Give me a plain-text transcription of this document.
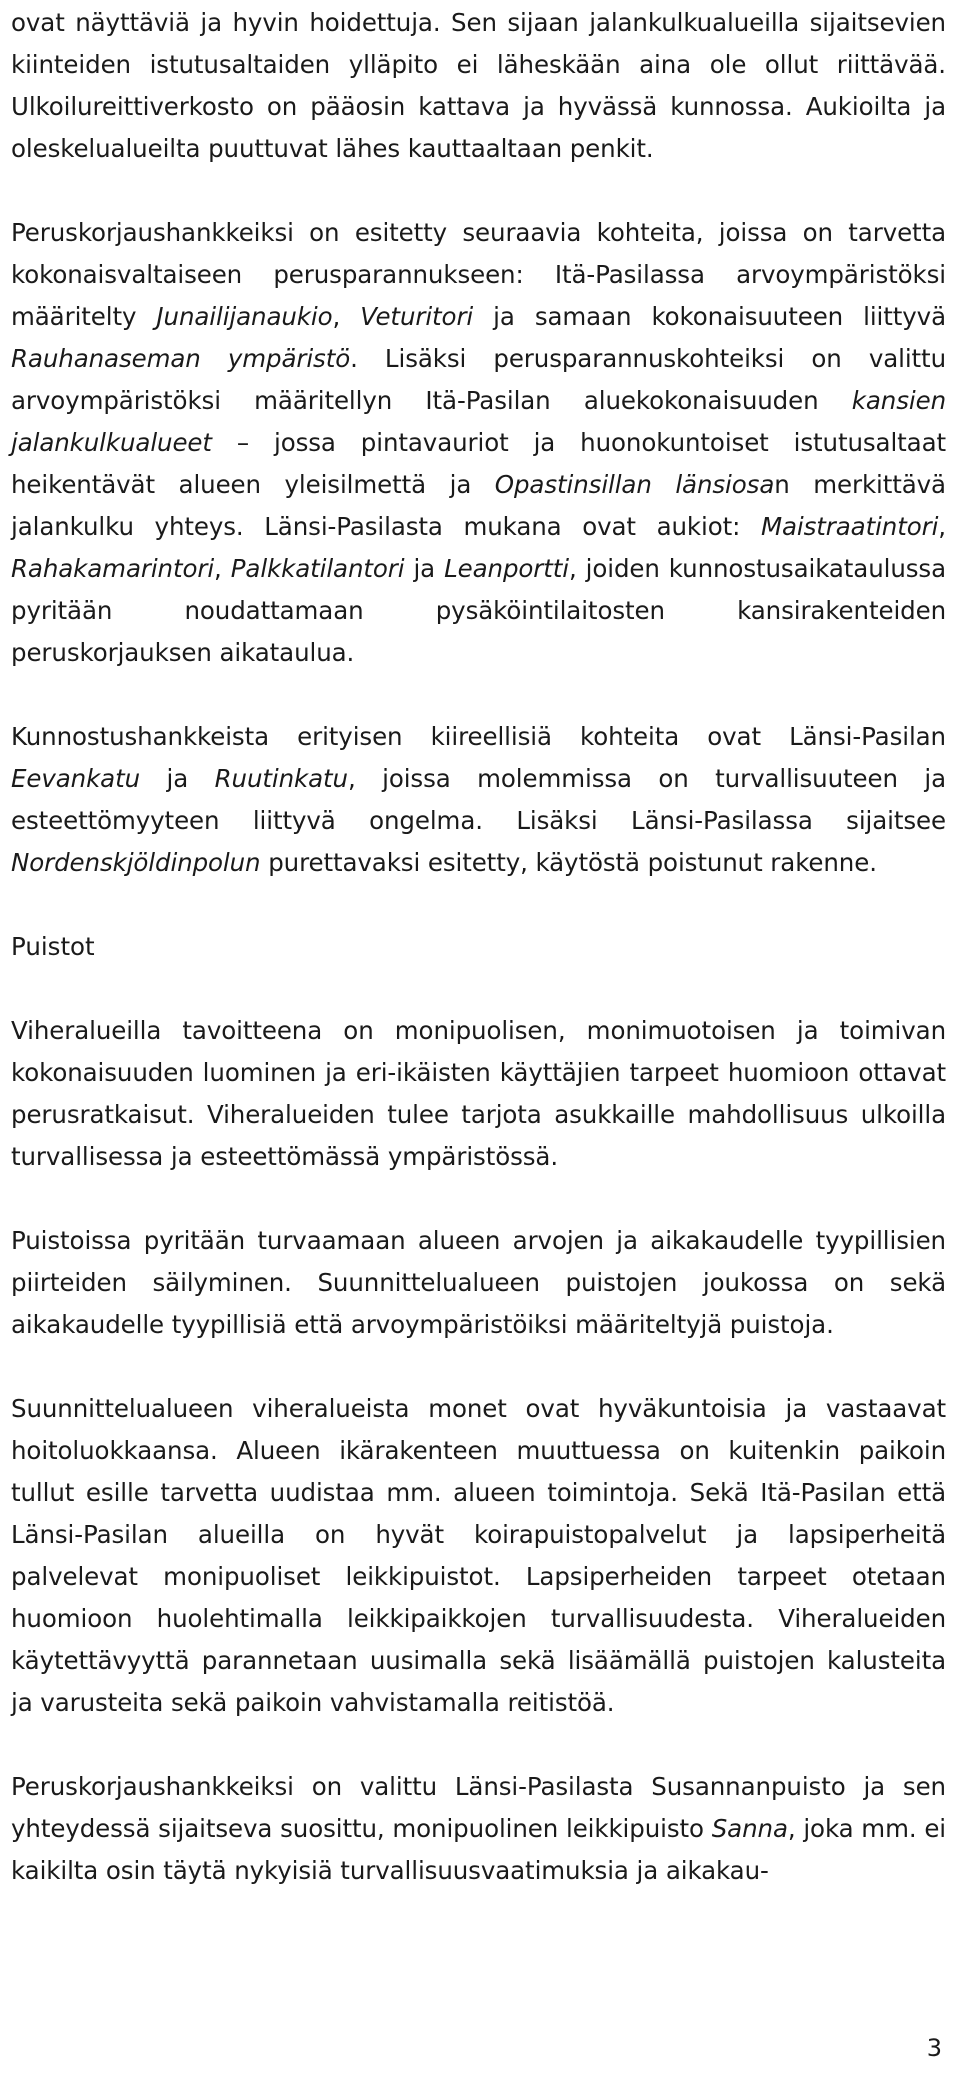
ovat näyttäviä ja hyvin hoidettuja. Sen sijaan jalankulkualueilla sijaitsevien kiinteiden istutusaltaiden ylläpito ei läheskään aina ole ollut riittävää. Ulkoilureittiverkosto on pääosin kattava ja hyvässä kunnossa. Aukioilta ja oleskelualueilta puuttuvat lähes kauttaaltaan penkit.

Peruskorjaushankkeiksi on esitetty seuraavia kohteita, joissa on tarvetta kokonaisvaltaiseen perusparannukseen: Itä-Pasilassa arvoympäristöksi määritelty Junailijanaukio, Veturitori ja samaan kokonaisuuteen liittyvä Rauhanaseman ympäristö. Lisäksi perusparannuskohteiksi on valittu arvoympäristöksi määritellyn Itä-Pasilan aluekokonaisuuden kansien jalankulkualueet – jossa pintavauriot ja huonokuntoiset istutusaltaat heikentävät alueen yleisilmettä ja Opastinsillan länsiosan merkittävä jalankulku yhteys. Länsi-Pasilasta mukana ovat aukiot: Maistraatintori, Rahakamarintori, Palkkatilantori ja Leanportti, joiden kunnostusaikataulussa pyritään noudattamaan pysäköintilaitosten kansirakenteiden peruskorjauksen aikataulua.

Kunnostushankkeista erityisen kiireellisiä kohteita ovat Länsi-Pasilan Eevankatu ja Ruutinkatu, joissa molemmissa on turvallisuuteen ja esteettömyyteen liittyvä ongelma. Lisäksi Länsi-Pasilassa sijaitsee Nordenskjöldinpolun purettavaksi esitetty, käytöstä poistunut rakenne.

Puistot

Viheralueilla tavoitteena on monipuolisen, monimuotoisen ja toimivan kokonaisuuden luominen ja eri-ikäisten käyttäjien tarpeet huomioon ottavat perusratkaisut. Viheralueiden tulee tarjota asukkaille mahdollisuus ulkoilla turvallisessa ja esteettömässä ympäristössä.

Puistoissa pyritään turvaamaan alueen arvojen ja aikakaudelle tyypillisien piirteiden säilyminen. Suunnittelualueen puistojen joukossa on sekä aikakaudelle tyypillisiä että arvoympäristöiksi määriteltyjä puistoja.

Suunnittelualueen viheralueista monet ovat hyväkuntoisia ja vastaavat hoitoluokkaansa. Alueen ikärakenteen muuttuessa on kuitenkin paikoin tullut esille tarvetta uudistaa mm. alueen toimintoja. Sekä Itä-Pasilan että Länsi-Pasilan alueilla on hyvät koirapuistopalvelut ja lapsiperheitä palvelevat monipuoliset leikkipuistot. Lapsiperheiden tarpeet otetaan huomioon huolehtimalla leikkipaikkojen turvallisuudesta. Viheralueiden käytettävyyttä parannetaan uusimalla sekä lisäämällä puistojen kalusteita ja varusteita sekä paikoin vahvistamalla reitistöä.

Peruskorjaushankkeiksi on valittu Länsi-Pasilasta Susannanpuisto ja sen yhteydessä sijaitseva suosittu, monipuolinen leikkipuisto Sanna, joka mm. ei kaikilta osin täytä nykyisiä turvallisuusvaatimuksia ja aikakau-

3
